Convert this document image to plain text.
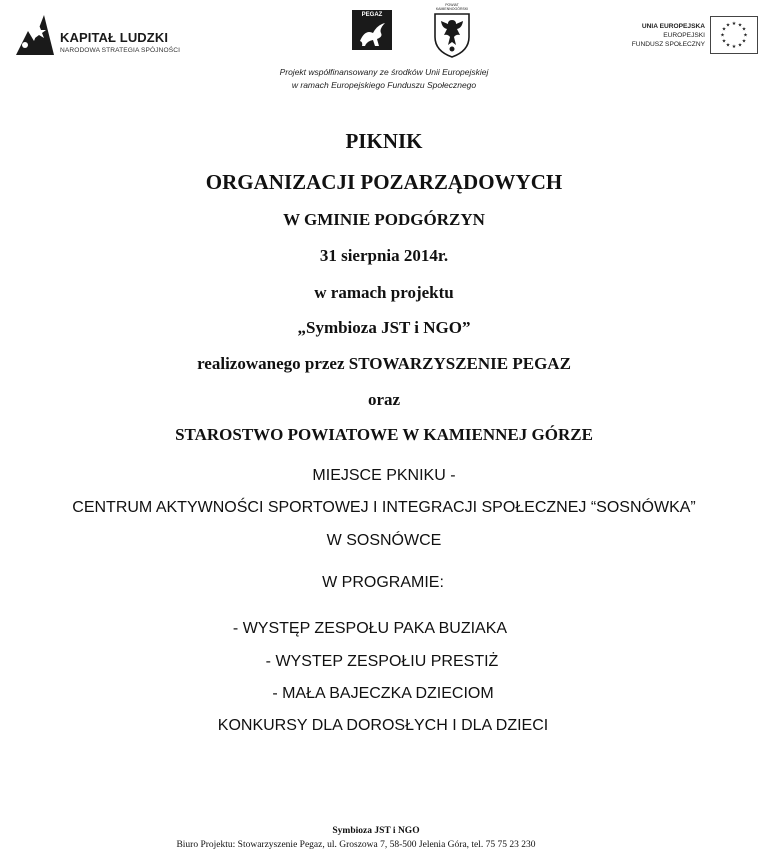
KAPITAŁ LUDZKI
NARODOWA STRATEGIA SPÓJNOŚCI
PEGAZ
POWIAT
KAMIENNOGÓRSKI
UNIA EUROPEJSKA
EUROPEJSKI
FUNDUSZ SPOŁECZNY
★ ★
★
★
★
★
★
★
★
★
★
★
Projekt współfinansowany ze środków Unii Europejskiej
w ramach Europejskiego Funduszu Społecznego
PIKNIK
ORGANIZACJI POZARZĄDOWYCH
W GMINIE PODGÓRZYN
31 sierpnia 2014r.
w ramach projektu
„Symbioza JST i NGO”
realizowanego przez STOWARZYSZENIE PEGAZ
oraz
STAROSTWO POWIATOWE W KAMIENNEJ GÓRZE
MIEJSCE PKNIKU -
CENTRUM AKTYWNOŚCI SPORTOWEJ I INTEGRACJI SPOŁECZNEJ “SOSNÓWKA”
W SOSNÓWCE
W PROGRAMIE:
- WYSTĘP ZESPOŁU PAKA BUZIAKA
- WYSTEP ZESPOŁIU PRESTIŻ
- MAŁA BAJECZKA DZIECIOM
KONKURSY DLA DOROSŁYCH I DLA DZIECI
Symbioza JST i NGO
Biuro Projektu: Stowarzyszenie Pegaz, ul. Groszowa 7, 58-500 Jelenia Góra, tel. 75 75 23 230
